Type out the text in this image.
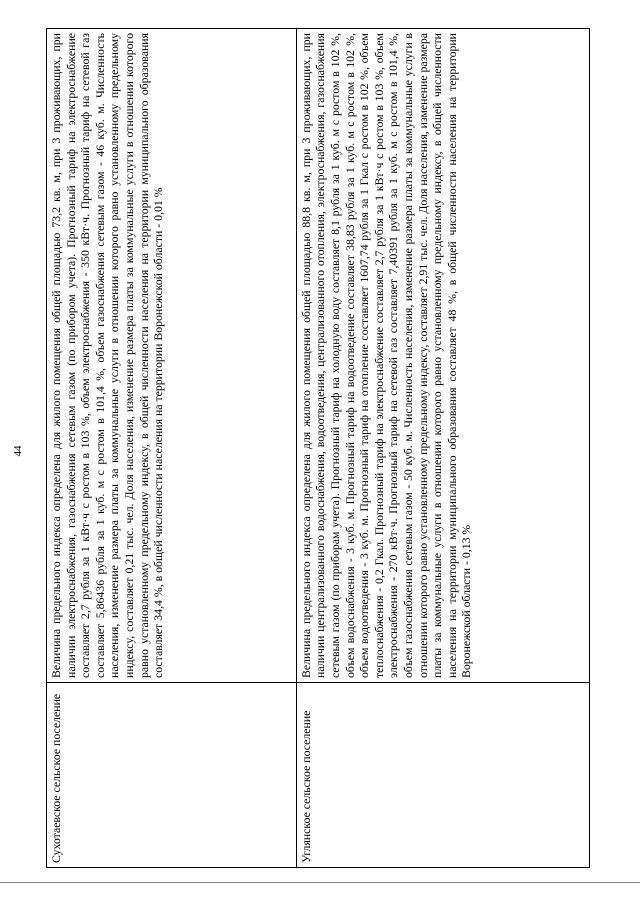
44
Сухотаевское сельское поселение	Величина предельного индекса определена для жилого помещения общей площадью 73,2 кв. м, при 3 проживающих, при наличии электроснабжения, газоснабжения сетевым газом (по прибором учета). Прогнозный тариф на электроснабжение составляет 2,7 рубля за 1 кВт·ч с ростом в 103 %, объем электроснабжения - 350 кВт·ч. Прогнозный тариф на сетевой газ составляет 5,86436 рубля за 1 куб. м с ростом в 101,4 %, объем газоснабжения сетевым газом - 46 куб. м. Численность населения, изменение размера платы за коммунальные услуги в отношении которого равно установленному предельному индексу, составляет 0,21 тыс. чел. Доля населения, изменение размера платы за коммунальные услуги в отношении которого равно установленному предельному индексу, в общей численности населения на территории муниципального образования составляет 34,4 %, в общей численности населения на территории Воронежской области - 0,01 %
Углянское сельское поселение	Величина предельного индекса определена для жилого помещения общей площадью 88,8 кв. м, при 3 проживающих, при наличии централизованного водоснабжения, водоотведения, централизованного отопления, электроснабжения, газоснабжения сетевым газом (по приборам учета). Прогнозный тариф на холодную воду составляет 8,1 рубля за 1 куб. м с ростом в 102 %, объем водоснабжения - 3 куб. м. Прогнозный тариф на водоотведение составляет 38,83 рубля за 1 куб. м с ростом в 102 %, объем водоотведения - 3 куб. м. Прогнозный тариф на отопление составляет 1607,74 рубля за 1 Гкал с ростом в 102 %, объем теплоснабжения - 0,2 Гкал. Прогнозный тариф на электроснабжение составляет 2,7 рубля за 1 кВт·ч с ростом в 103 %, объем электроснабжения - 270 кВт·ч. Прогнозный тариф на сетевой газ составляет 7,40391 рубля за 1 куб. м с ростом в 101,4 %, объем газоснабжения сетевым газом - 50 куб. м. Численность населения, изменение размера платы за коммунальные услуги в отношении которого равно установленному предельному индексу, составляет 2,91 тыс. чел. Доля населения, изменение размера платы за коммунальные услуги в отношении которого равно установленному предельному индексу, в общей численности населения на территории муниципального образования составляет 48 %, в общей численности населения на территории Воронежской области - 0,13 %
